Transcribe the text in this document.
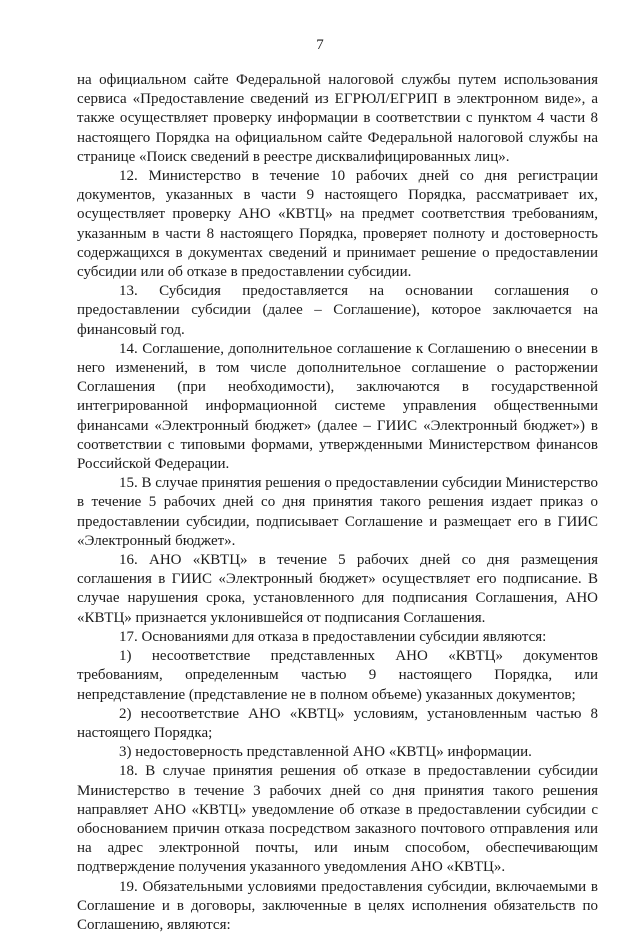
7

на официальном сайте Федеральной налоговой службы путем использования сервиса «Предоставление сведений из ЕГРЮЛ/ЕГРИП в электронном виде», а также осуществляет проверку информации в соответствии с пунктом 4 части 8 настоящего Порядка на официальном сайте Федеральной налоговой службы на странице «Поиск сведений в реестре дисквалифицированных лиц».

12. Министерство в течение 10 рабочих дней со дня регистрации документов, указанных в части 9 настоящего Порядка, рассматривает их, осуществляет проверку АНО «КВТЦ» на предмет соответствия требованиям, указанным в части 8 настоящего Порядка, проверяет полноту и достоверность содержащихся в документах сведений и принимает решение о предоставлении субсидии или об отказе в предоставлении субсидии.

13. Субсидия предоставляется на основании соглашения о предоставлении субсидии (далее – Соглашение), которое заключается на финансовый год.

14. Соглашение, дополнительное соглашение к Соглашению о внесении в него изменений, в том числе дополнительное соглашение о расторжении Соглашения (при необходимости), заключаются в государственной интегрированной информационной системе управления общественными финансами «Электронный бюджет» (далее – ГИИС «Электронный бюджет») в соответствии с типовыми формами, утвержденными Министерством финансов Российской Федерации.

15. В случае принятия решения о предоставлении субсидии Министерство в течение 5 рабочих дней со дня принятия такого решения издает приказ о предоставлении субсидии, подписывает Соглашение и размещает его в ГИИС «Электронный бюджет».

16. АНО «КВТЦ» в течение 5 рабочих дней со дня размещения соглашения в ГИИС «Электронный бюджет» осуществляет его подписание. В случае нарушения срока, установленного для подписания Соглашения, АНО «КВТЦ» признается уклонившейся от подписания Соглашения.

17. Основаниями для отказа в предоставлении субсидии являются:

1) несоответствие представленных АНО «КВТЦ» документов требованиям, определенным частью 9 настоящего Порядка, или непредставление (представление не в полном объеме) указанных документов;

2) несоответствие АНО «КВТЦ» условиям, установленным частью 8 настоящего Порядка;

3) недостоверность представленной АНО «КВТЦ» информации.

18. В случае принятия решения об отказе в предоставлении субсидии Министерство в течение 3 рабочих дней со дня принятия такого решения направляет АНО «КВТЦ» уведомление об отказе в предоставлении субсидии с обоснованием причин отказа посредством заказного почтового отправления или на адрес электронной почты, или иным способом, обеспечивающим подтверждение получения указанного уведомления АНО «КВТЦ».

19. Обязательными условиями предоставления субсидии, включаемыми в Соглашение и в договоры, заключенные в целях исполнения обязательств по Соглашению, являются:
